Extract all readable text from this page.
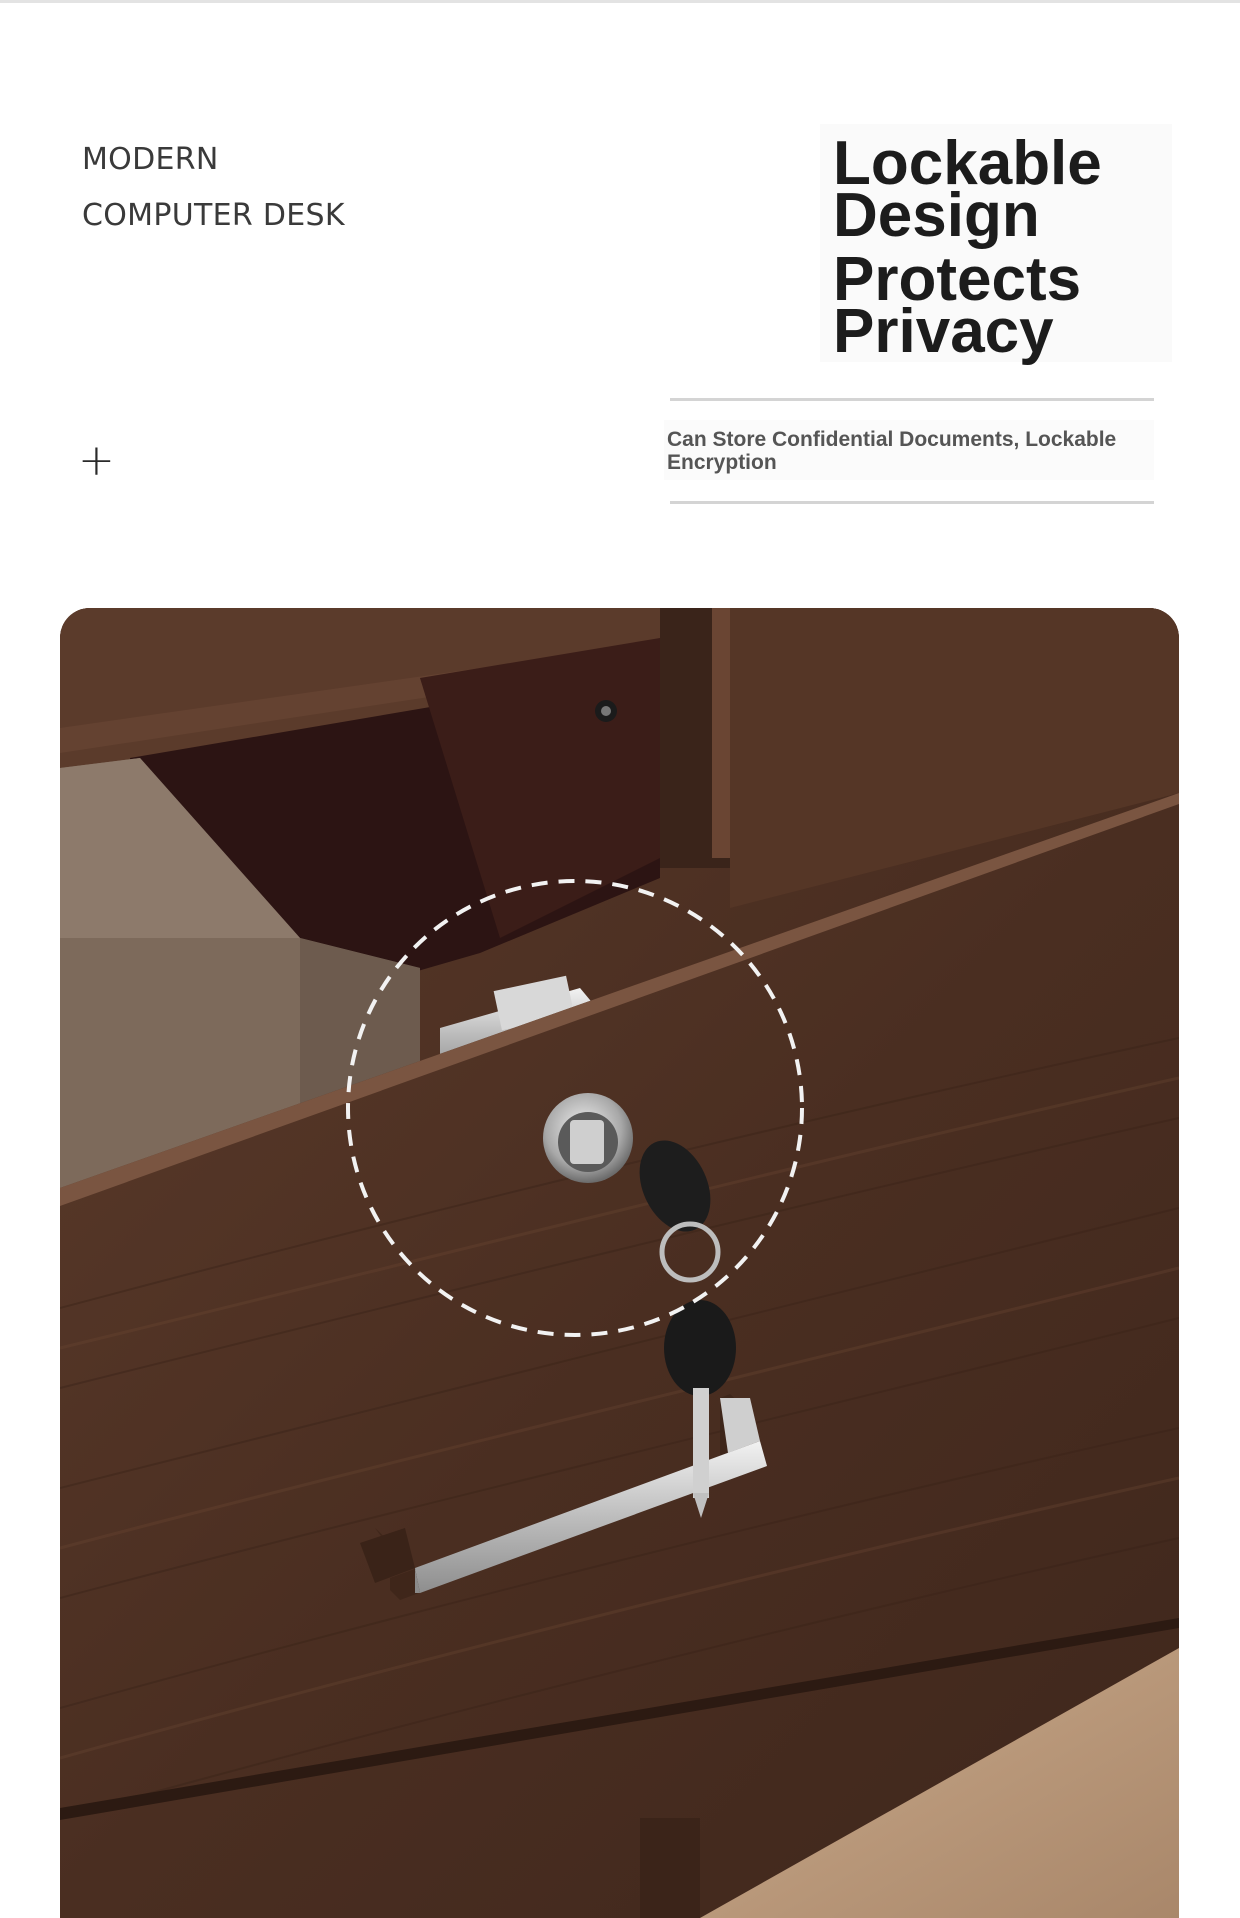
MODERN
COMPUTER DESK
Lockable
Design
Protects
Privacy
+	Can Store Confidential Documents, Lockable Encryption
